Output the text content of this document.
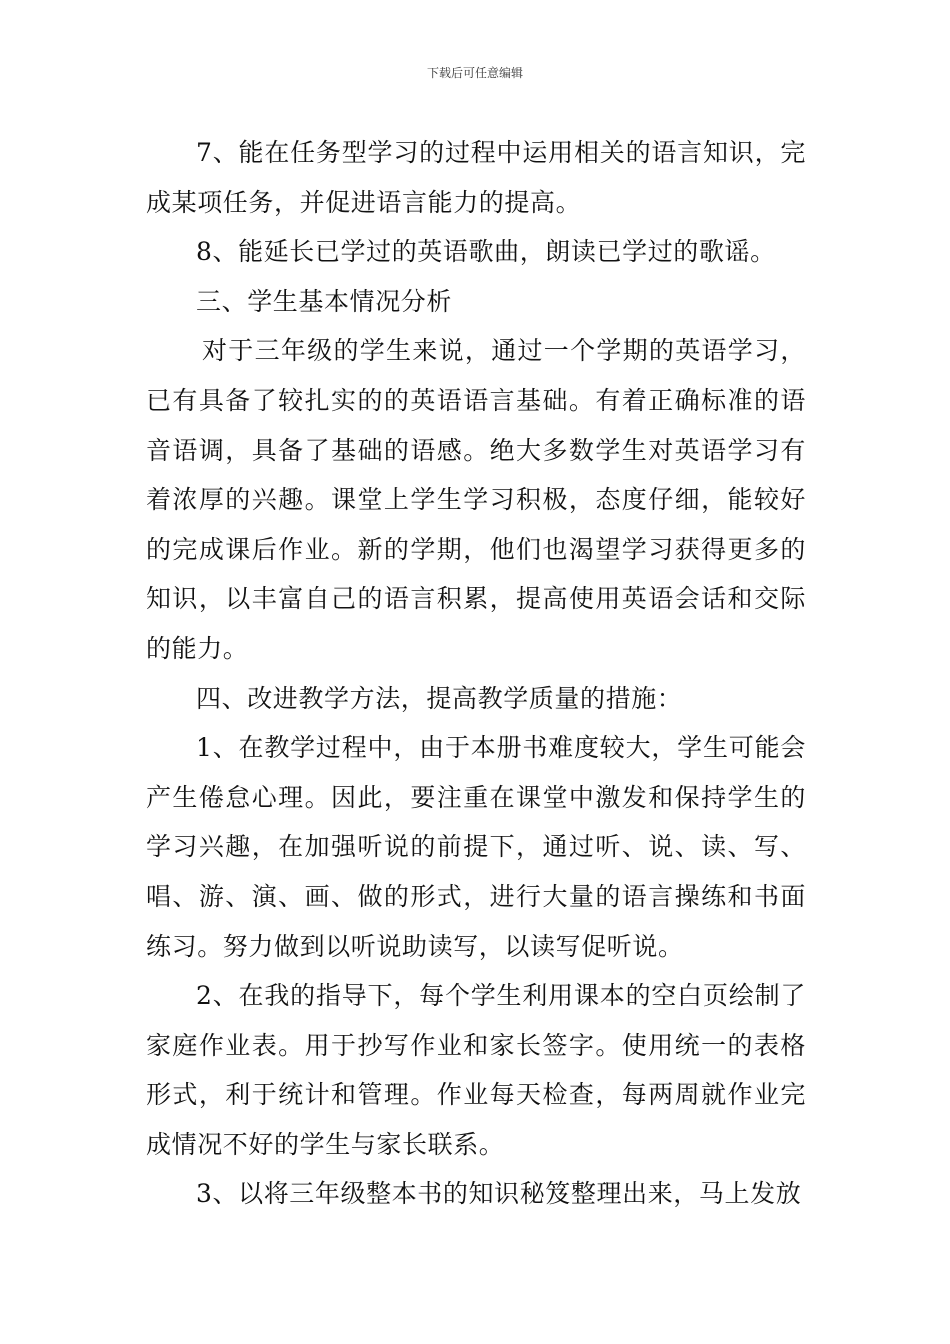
下载后可任意编辑

7、能在任务型学习的过程中运用相关的语言知识，完成某项任务，并促进语言能力的提高。

8、能延长已学过的英语歌曲，朗读已学过的歌谣。

三、学生基本情况分析

对于三年级的学生来说，通过一个学期的英语学习，已有具备了较扎实的的英语语言基础。有着正确标准的语音语调，具备了基础的语感。绝大多数学生对英语学习有着浓厚的兴趣。课堂上学生学习积极，态度仔细，能较好的完成课后作业。新的学期，他们也渴望学习获得更多的知识，以丰富自己的语言积累，提高使用英语会话和交际的能力。

四、改进教学方法，提高教学质量的措施：

1、在教学过程中，由于本册书难度较大，学生可能会产生倦怠心理。因此，要注重在课堂中激发和保持学生的学习兴趣，在加强听说的前提下，通过听、说、读、写、唱、游、演、画、做的形式，进行大量的语言操练和书面练习。努力做到以听说助读写，以读写促听说。

2、在我的指导下，每个学生利用课本的空白页绘制了家庭作业表。用于抄写作业和家长签字。使用统一的表格形式，利于统计和管理。作业每天检查，每两周就作业完成情况不好的学生与家长联系。

3、以将三年级整本书的知识秘笈整理出来，马上发放
